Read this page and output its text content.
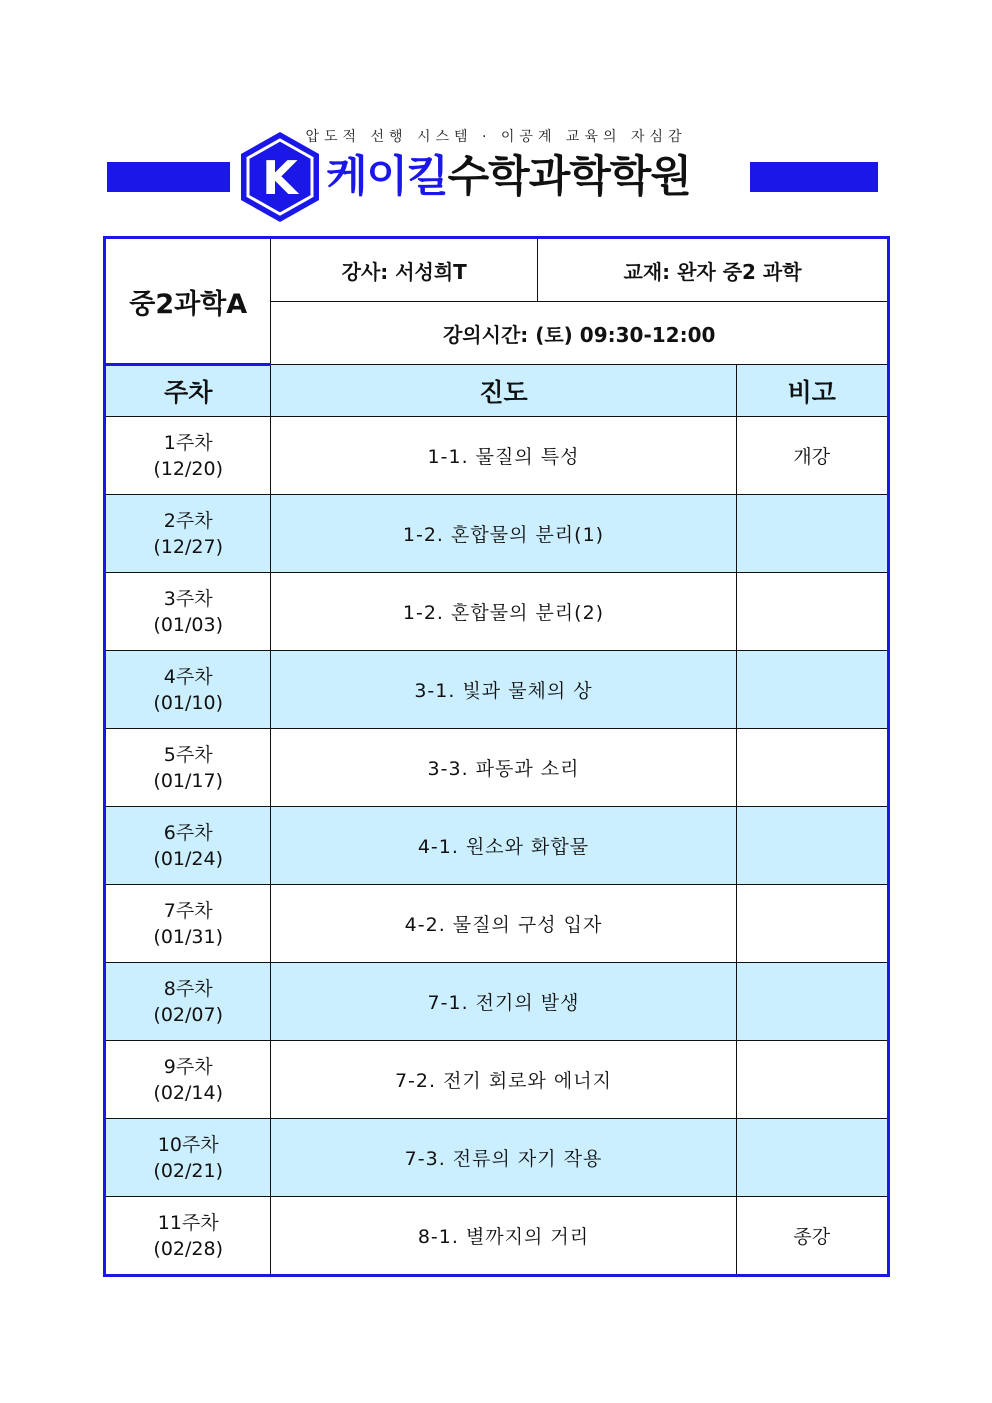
압도적 선행 시스템 · 이공계 교육의 자심감
K 케이킬수학과학학원
중2과학A	강사: 서성희T	교재: 완자 중2 과학	
	강의시간: (토) 09:30-12:00		
주차	진도		비고

1주차
(12/20)	1-1. 물질의 특성		개강

2주차
(12/27)	1-2. 혼합물의 분리(1)		

3주차
(01/03)	1-2. 혼합물의 분리(2)		

4주차
(01/10)	3-1. 빛과 물체의 상		

5주차
(01/17)	3-3. 파동과 소리		

6주차
(01/24)	4-1. 원소와 화합물		

7주차
(01/31)	4-2. 물질의 구성 입자		

8주차
(02/07)	7-1. 전기의 발생		

9주차
(02/14)	7-2. 전기 회로와 에너지		

10주차
(02/21)	7-3. 전류의 자기 작용		

11주차
(02/28)	8-1. 별까지의 거리		종강
